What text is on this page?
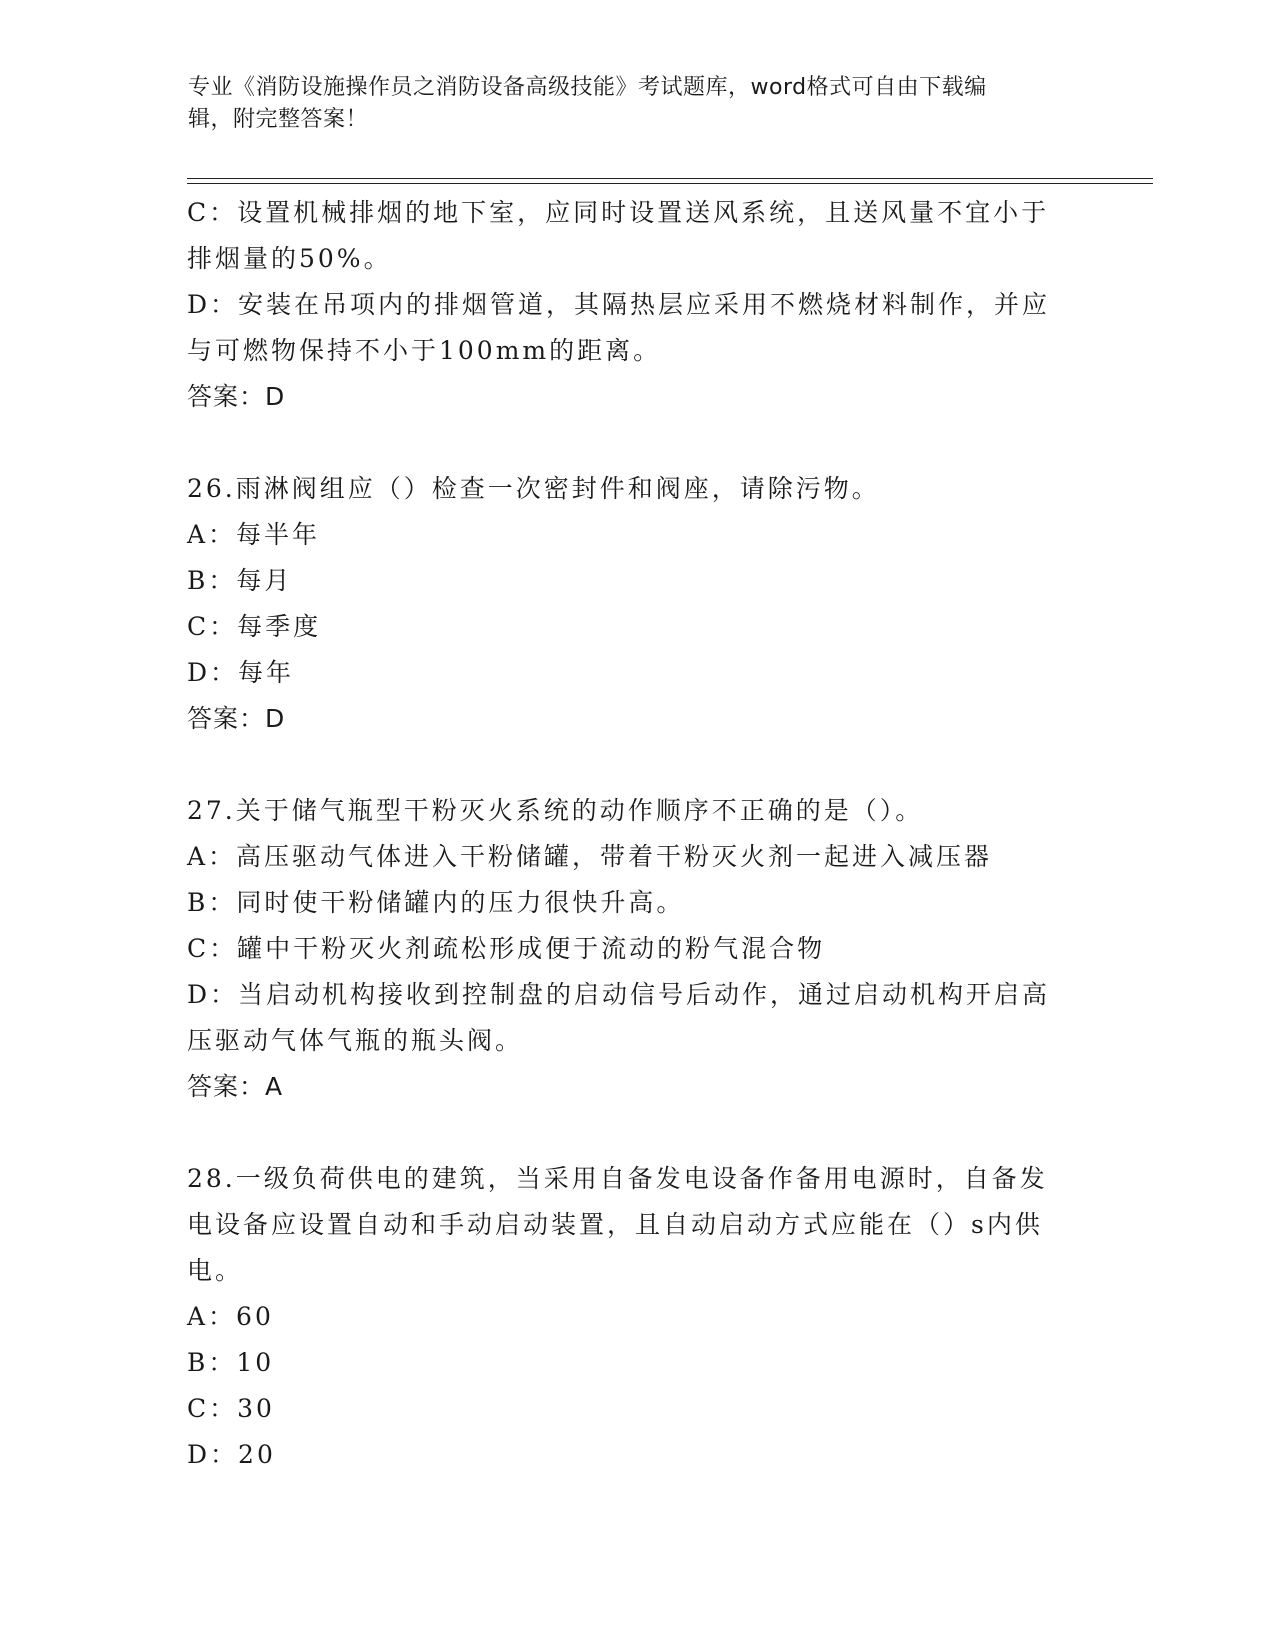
专业《消防设施操作员之消防设备高级技能》考试题库，word格式可自由下载编
辑，附完整答案！
C：设置机械排烟的地下室，应同时设置送风系统，且送风量不宜小于
排烟量的50%。
D：安装在吊项内的排烟管道，其隔热层应采用不燃烧材料制作，并应
与可燃物保持不小于100mm的距离。
答案：D
26.雨淋阀组应（）检查一次密封件和阀座，请除污物。
A：每半年
B：每月
C：每季度
D：每年
答案：D
27.关于储气瓶型干粉灭火系统的动作顺序不正确的是（）。
A：高压驱动气体进入干粉储罐，带着干粉灭火剂一起进入减压器
B：同时使干粉储罐内的压力很快升高。
C：罐中干粉灭火剂疏松形成便于流动的粉气混合物
D：当启动机构接收到控制盘的启动信号后动作，通过启动机构开启高
压驱动气体气瓶的瓶头阀。
答案：A
28.一级负荷供电的建筑，当采用自备发电设备作备用电源时，自备发
电设备应设置自动和手动启动装置，且自动启动方式应能在（）s内供
电。
A：60
B：10
C：30
D：20
